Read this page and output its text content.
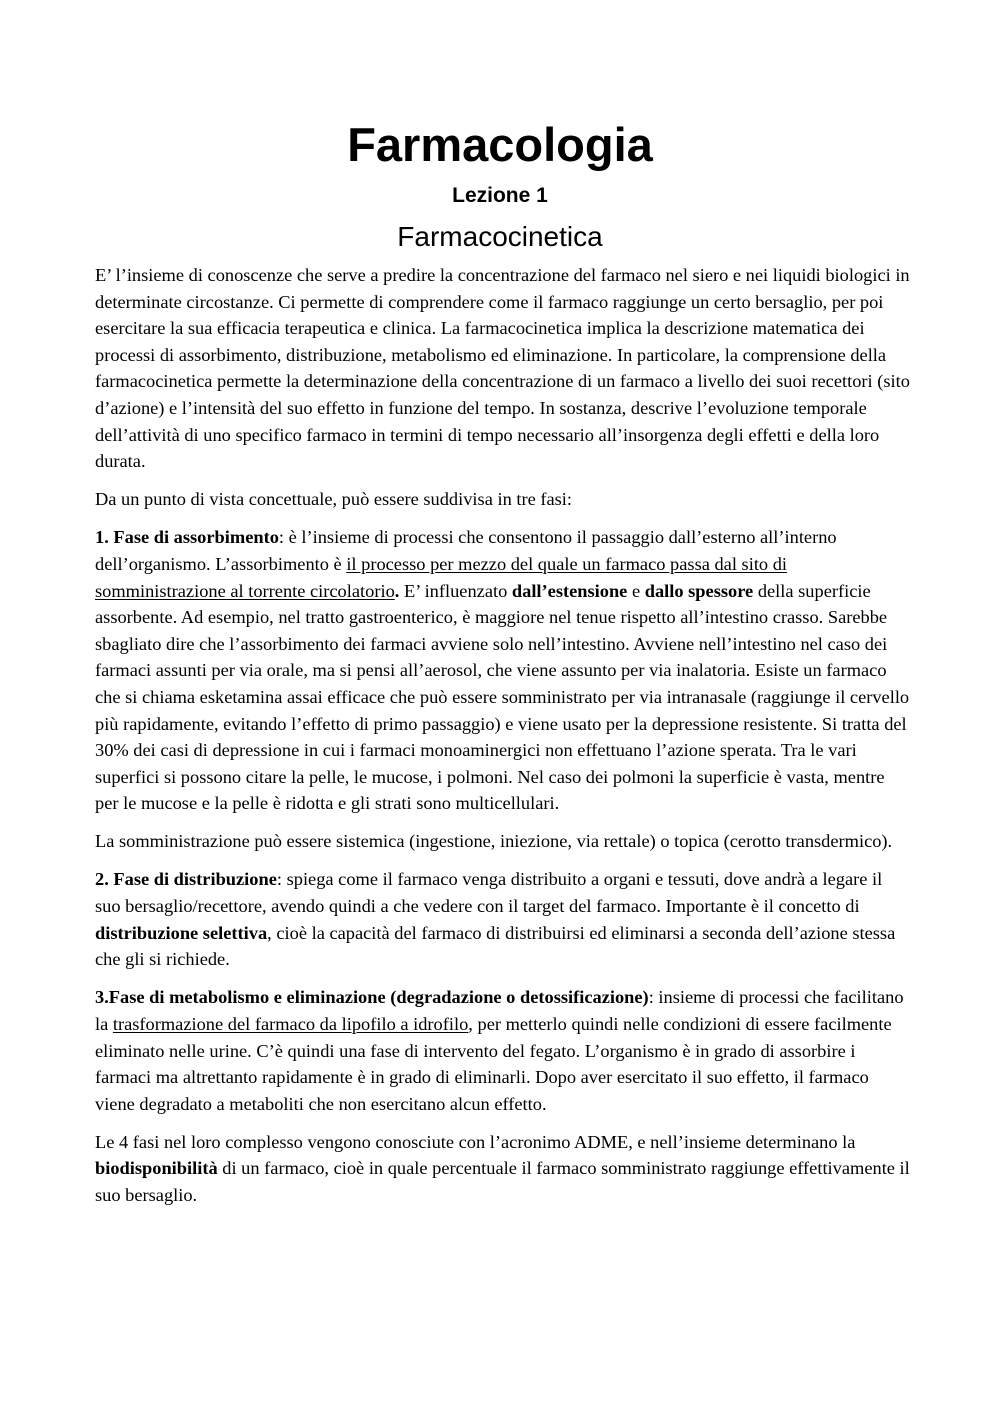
Farmacologia
Lezione 1
Farmacocinetica

E’ l’insieme di conoscenze che serve a predire la concentrazione del farmaco nel siero e nei liquidi biologici in determinate circostanze. Ci permette di comprendere come il farmaco raggiunge un certo bersaglio, per poi esercitare la sua efficacia terapeutica e clinica. La farmacocinetica implica la descrizione matematica dei processi di assorbimento, distribuzione, metabolismo ed eliminazione. In particolare, la comprensione della farmacocinetica permette la determinazione della concentrazione di un farmaco a livello dei suoi recettori (sito d’azione) e l’intensità del suo effetto in funzione del tempo. In sostanza, descrive l’evoluzione temporale dell’attività di uno specifico farmaco in termini di tempo necessario all’insorgenza degli effetti e della loro durata.

Da un punto di vista concettuale, può essere suddivisa in tre fasi:

1. Fase di assorbimento: è l’insieme di processi che consentono il passaggio dall’esterno all’interno dell’organismo. L’assorbimento è il processo per mezzo del quale un farmaco passa dal sito di somministrazione al torrente circolatorio. E’ influenzato dall’estensione e dallo spessore della superficie assorbente. Ad esempio, nel tratto gastroenterico, è maggiore nel tenue rispetto all’intestino crasso. Sarebbe sbagliato dire che l’assorbimento dei farmaci avviene solo nell’intestino. Avviene nell’intestino nel caso dei farmaci assunti per via orale, ma si pensi all’aerosol, che viene assunto per via inalatoria. Esiste un farmaco che si chiama esketamina assai efficace che può essere somministrato per via intranasale (raggiunge il cervello più rapidamente, evitando l’effetto di primo passaggio) e viene usato per la depressione resistente. Si tratta del 30% dei casi di depressione in cui i farmaci monoaminergici non effettuano l’azione sperata. Tra le vari superfici si possono citare la pelle, le mucose, i polmoni. Nel caso dei polmoni la superficie è vasta, mentre per le mucose e la pelle è ridotta e gli strati sono multicellulari.

La somministrazione può essere sistemica (ingestione, iniezione, via rettale) o topica (cerotto transdermico).

2. Fase di distribuzione: spiega come il farmaco venga distribuito a organi e tessuti, dove andrà a legare il suo bersaglio/recettore, avendo quindi a che vedere con il target del farmaco. Importante è il concetto di distribuzione selettiva, cioè la capacità del farmaco di distribuirsi ed eliminarsi a seconda dell’azione stessa che gli si richiede.

3.Fase di metabolismo e eliminazione (degradazione o detossificazione): insieme di processi che facilitano la trasformazione del farmaco da lipofilo a idrofilo, per metterlo quindi nelle condizioni di essere facilmente eliminato nelle urine. C’è quindi una fase di intervento del fegato. L’organismo è in grado di assorbire i farmaci ma altrettanto rapidamente è in grado di eliminarli. Dopo aver esercitato il suo effetto, il farmaco viene degradato a metaboliti che non esercitano alcun effetto.

Le 4 fasi nel loro complesso vengono conosciute con l’acronimo ADME, e nell’insieme determinano la biodisponibilità di un farmaco, cioè in quale percentuale il farmaco somministrato raggiunge effettivamente il suo bersaglio.
